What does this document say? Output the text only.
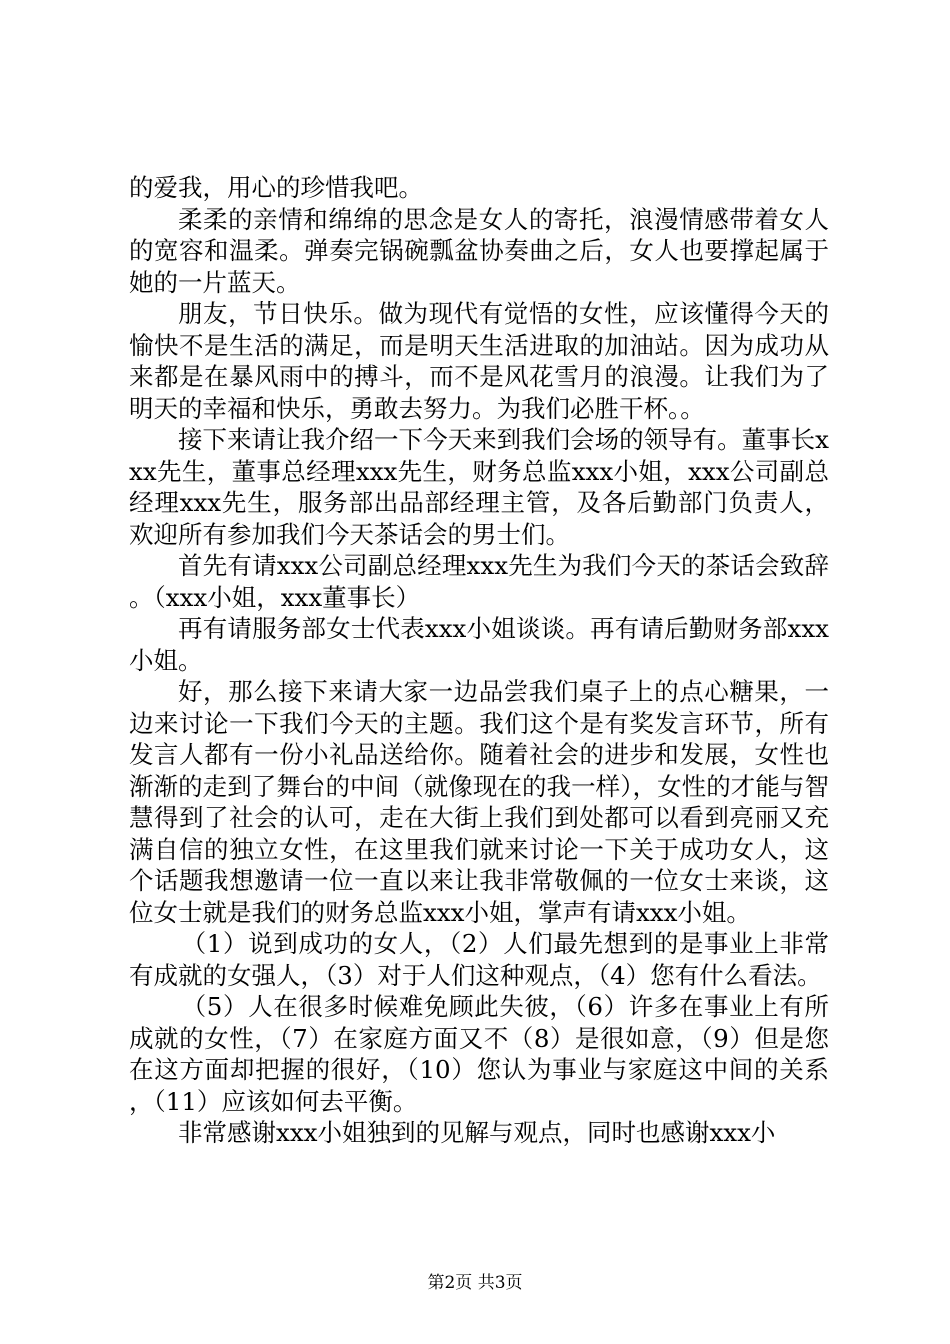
的爱我，用心的珍惜我吧。

柔柔的亲情和绵绵的思念是女人的寄托，浪漫情感带着女人的宽容和温柔。弹奏完锅碗瓢盆协奏曲之后，女人也要撑起属于她的一片蓝天。

朋友，节日快乐。做为现代有觉悟的女性，应该懂得今天的愉快不是生活的满足，而是明天生活进取的加油站。因为成功从来都是在暴风雨中的搏斗，而不是风花雪月的浪漫。让我们为了明天的幸福和快乐，勇敢去努力。为我们必胜干杯。。

接下来请让我介绍一下今天来到我们会场的领导有。董事长xxx先生，董事总经理xxx先生，财务总监xxx小姐，xxx公司副总经理xxx先生，服务部出品部经理主管，及各后勤部门负责人，欢迎所有参加我们今天茶话会的男士们。

首先有请xxx公司副总经理xxx先生为我们今天的茶话会致辞。（xxx小姐，xxx董事长）

再有请服务部女士代表xxx小姐谈谈。再有请后勤财务部xxx小姐。

好，那么接下来请大家一边品尝我们桌子上的点心糖果，一边来讨论一下我们今天的主题。我们这个是有奖发言环节，所有发言人都有一份小礼品送给你。随着社会的进步和发展，女性也渐渐的走到了舞台的中间（就像现在的我一样），女性的才能与智慧得到了社会的认可，走在大街上我们到处都可以看到亮丽又充满自信的独立女性，在这里我们就来讨论一下关于成功女人，这个话题我想邀请一位一直以来让我非常敬佩的一位女士来谈，这位女士就是我们的财务总监xxx小姐，掌声有请xxx小姐。

（1）说到成功的女人，（2）人们最先想到的是事业上非常有成就的女强人，（3）对于人们这种观点，（4）您有什么看法。

（5）人在很多时候难免顾此失彼，（6）许多在事业上有所成就的女性，（7）在家庭方面又不（8）是很如意，（9）但是您在这方面却把握的很好，（10）您认为事业与家庭这中间的关系，（11）应该如何去平衡。

非常感谢xxx小姐独到的见解与观点，同时也感谢xxx小

第2页 共3页
